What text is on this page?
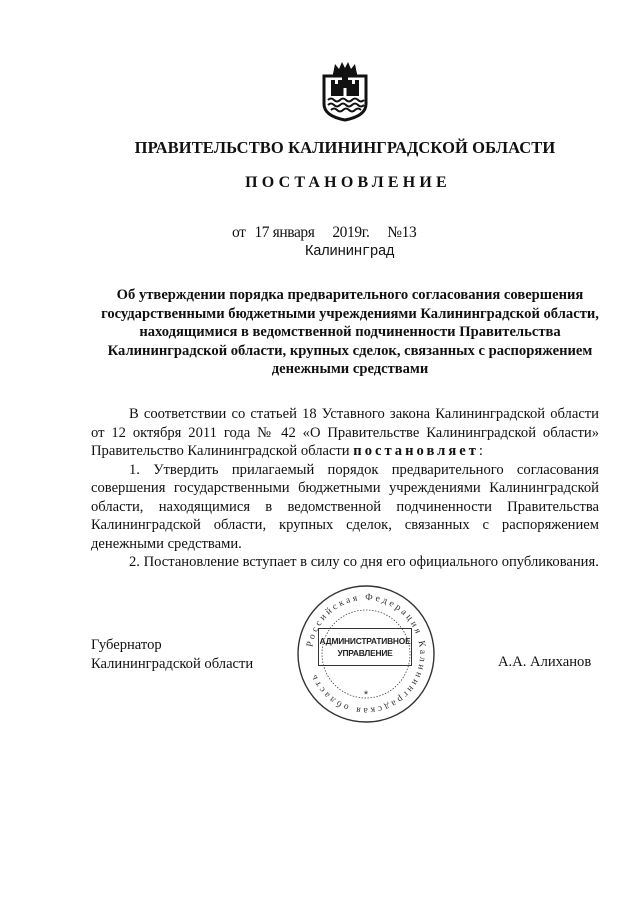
ПРАВИТЕЛЬСТВО КАЛИНИНГРАДСКОЙ ОБЛАСТИ
ПОСТАНОВЛЕНИЕ
от 17 января 2019г. №13
Калининград
Об утверждении порядка предварительного согласования совершения государственными бюджетными учреждениями Калининградской области, находящимися в ведомственной подчиненности Правительства Калининградской области, крупных сделок, связанных с распоряжением денежными средствами

В соответствии со статьей 18 Уставного закона Калининградской области от 12 октября 2011 года № 42 «О Правительстве Калининградской области» Правительство Калининградской области постановляет:

1. Утвердить прилагаемый порядок предварительного согласования совершения государственными бюджетными учреждениями Калининградской области, находящимися в ведомственной подчиненности Правительства Калининградской области, крупных сделок, связанных с распоряжением денежными средствами.

2. Постановление вступает в силу со дня его официального опубликования.

Губернатор
Калининградской области	А.А. Алиханов
Российская Федерация Калининградская область
*
АДМИНИСТРАТИВНОЕ
УПРАВЛЕНИЕ
